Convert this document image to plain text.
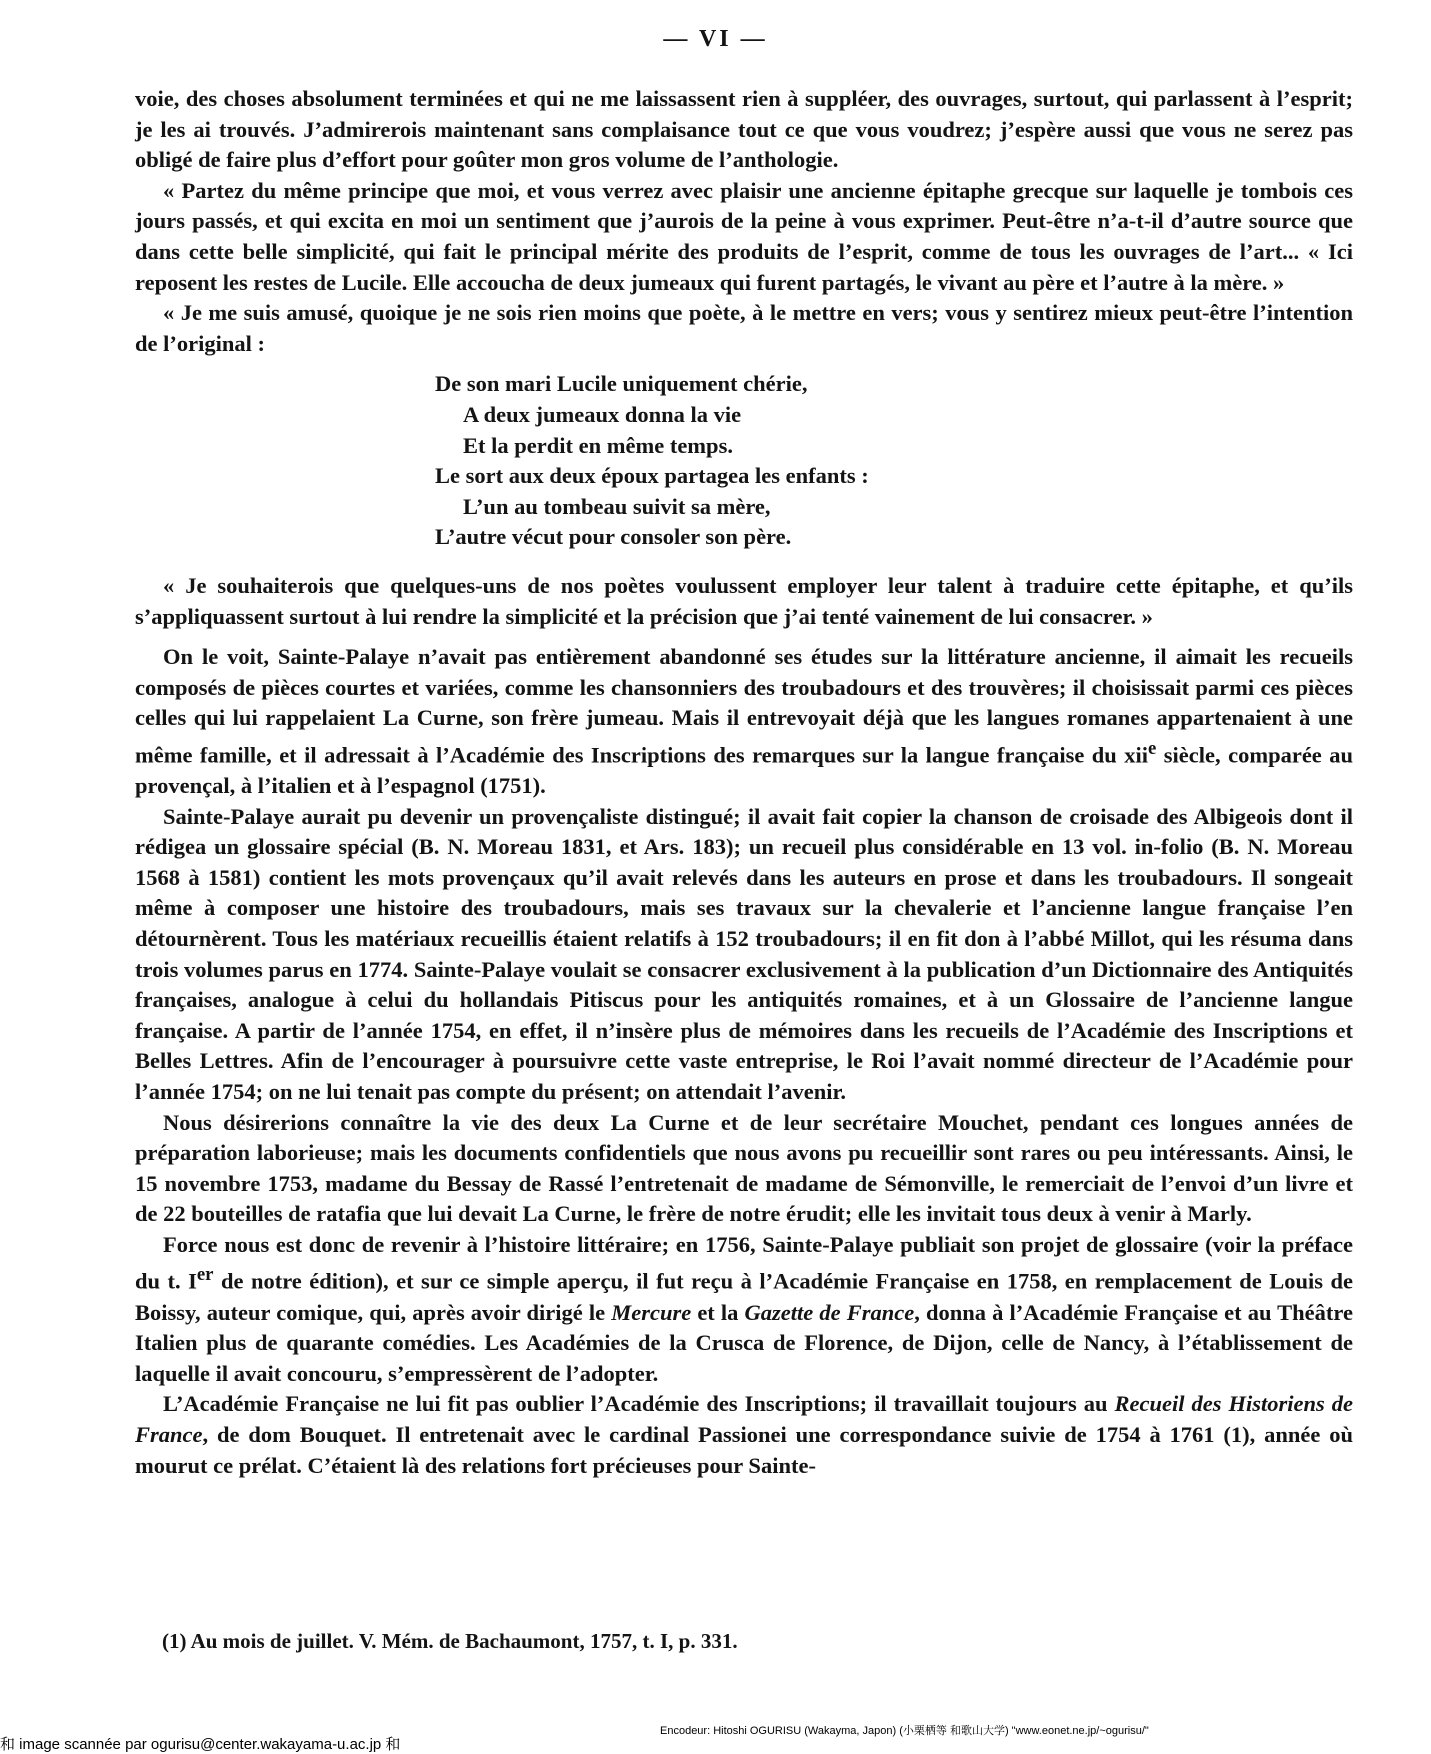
— VI —

voie, des choses absolument terminées et qui ne me laissassent rien à suppléer, des ouvrages, surtout, qui parlassent à l’esprit; je les ai trouvés. J’admirerois maintenant sans complaisance tout ce que vous voudrez; j’espère aussi que vous ne serez pas obligé de faire plus d’effort pour goûter mon gros volume de l’anthologie.

« Partez du même principe que moi, et vous verrez avec plaisir une ancienne épitaphe grecque sur laquelle je tombois ces jours passés, et qui excita en moi un sentiment que j’aurois de la peine à vous exprimer. Peut-être n’a-t-il d’autre source que dans cette belle simplicité, qui fait le principal mérite des produits de l’esprit, comme de tous les ouvrages de l’art... « Ici reposent les restes de Lucile. Elle accoucha de deux jumeaux qui furent partagés, le vivant au père et l’autre à la mère. »

« Je me suis amusé, quoique je ne sois rien moins que poète, à le mettre en vers; vous y sentirez mieux peut-être l’intention de l’original :

De son mari Lucile uniquement chérie,
A deux jumeaux donna la vie
Et la perdit en même temps.
Le sort aux deux époux partagea les enfants :
L’un au tombeau suivit sa mère,
L’autre vécut pour consoler son père.

« Je souhaiterois que quelques-uns de nos poètes voulussent employer leur talent à traduire cette épitaphe, et qu’ils s’appliquassent surtout à lui rendre la simplicité et la précision que j’ai tenté vainement de lui consacrer. »

On le voit, Sainte-Palaye n’avait pas entièrement abandonné ses études sur la littérature ancienne, il aimait les recueils composés de pièces courtes et variées, comme les chansonniers des troubadours et des trouvères; il choisissait parmi ces pièces celles qui lui rappelaient La Curne, son frère jumeau. Mais il entrevoyait déjà que les langues romanes appartenaient à une même famille, et il adressait à l’Académie des Inscriptions des remarques sur la langue française du xii$^e$ siècle, comparée au provençal, à l’italien et à l’espagnol (1751).

Sainte-Palaye aurait pu devenir un provençaliste distingué; il avait fait copier la chanson de croisade des Albigeois dont il rédigea un glossaire spécial (B. N. Moreau 1831, et Ars. 183); un recueil plus considérable en 13 vol. in-folio (B. N. Moreau 1568 à 1581) contient les mots provençaux qu’il avait relevés dans les auteurs en prose et dans les troubadours. Il songeait même à composer une histoire des troubadours, mais ses travaux sur la chevalerie et l’ancienne langue française l’en détournèrent. Tous les matériaux recueillis étaient relatifs à 152 troubadours; il en fit don à l’abbé Millot, qui les résuma dans trois volumes parus en 1774. Sainte-Palaye voulait se consacrer exclusivement à la publication d’un Dictionnaire des Antiquités françaises, analogue à celui du hollandais Pitiscus pour les antiquités romaines, et à un Glossaire de l’ancienne langue française. A partir de l’année 1754, en effet, il n’insère plus de mémoires dans les recueils de l’Académie des Inscriptions et Belles Lettres. Afin de l’encourager à poursuivre cette vaste entreprise, le Roi l’avait nommé directeur de l’Académie pour l’année 1754; on ne lui tenait pas compte du présent; on attendait l’avenir.

Nous désirerions connaître la vie des deux La Curne et de leur secrétaire Mouchet, pendant ces longues années de préparation laborieuse; mais les documents confidentiels que nous avons pu recueillir sont rares ou peu intéressants. Ainsi, le 15 novembre 1753, madame du Bessay de Rassé l’entretenait de madame de Sémonville, le remerciait de l’envoi d’un livre et de 22 bouteilles de ratafia que lui devait La Curne, le frère de notre érudit; elle les invitait tous deux à venir à Marly.

Force nous est donc de revenir à l’histoire littéraire; en 1756, Sainte-Palaye publiait son projet de glossaire (voir la préface du t. Ier de notre édition), et sur ce simple aperçu, il fut reçu à l’Académie Française en 1758, en remplacement de Louis de Boissy, auteur comique, qui, après avoir dirigé le Mercure et la Gazette de France, donna à l’Académie Française et au Théâtre Italien plus de quarante comédies. Les Académies de la Crusca de Florence, de Dijon, celle de Nancy, à l’établissement de laquelle il avait concouru, s’empressèrent de l’adopter.

L’Académie Française ne lui fit pas oublier l’Académie des Inscriptions; il travaillait toujours au Recueil des Historiens de France, de dom Bouquet. Il entretenait avec le cardinal Passionei une correspondance suivie de 1754 à 1761 (1), année où mourut ce prélat. C’étaient là des relations fort précieuses pour Sainte-

(1) Au mois de juillet. V. Mém. de Bachaumont, 1757, t. I, p. 331.
Encodeur: Hitoshi OGURISU (Wakayma, Japon) (小栗栖等 和歌山大学) "www.eonet.ne.jp/~ogurisu/"
和 image scannée par ogurisu@center.wakayama-u.ac.jp 和
